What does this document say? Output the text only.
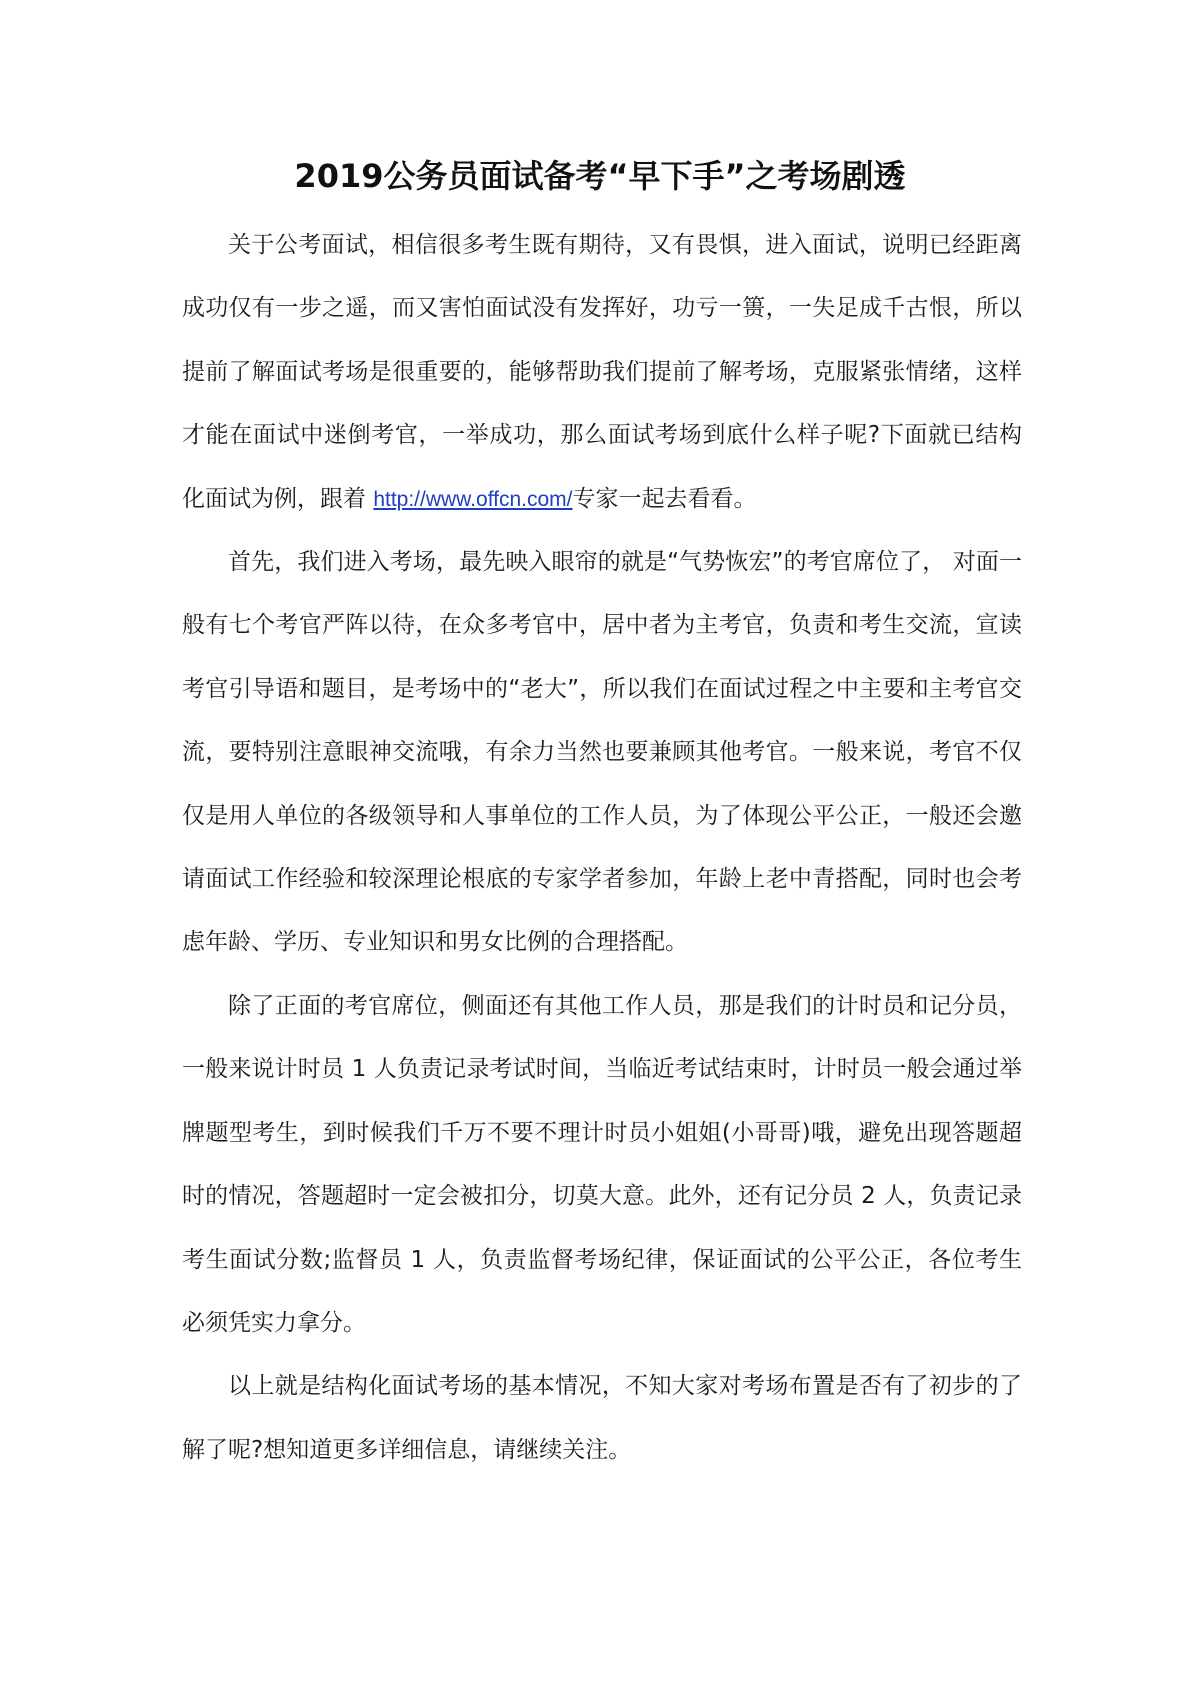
2019公务员面试备考“早下手”之考场剧透

关于公考面试，相信很多考生既有期待，又有畏惧，进入面试，说明已经距离成功仅有一步之遥，而又害怕面试没有发挥好，功亏一篑，一失足成千古恨，所以提前了解面试考场是很重要的，能够帮助我们提前了解考场，克服紧张情绪，这样才能在面试中迷倒考官，一举成功，那么面试考场到底什么样子呢?下面就已结构化面试为例，跟着 http://www.offcn.com/专家一起去看看。

首先，我们进入考场，最先映入眼帘的就是“气势恢宏”的考官席位了， 对面一般有七个考官严阵以待，在众多考官中，居中者为主考官，负责和考生交流，宣读考官引导语和题目，是考场中的“老大”，所以我们在面试过程之中主要和主考官交流，要特别注意眼神交流哦，有余力当然也要兼顾其他考官。一般来说，考官不仅仅是用人单位的各级领导和人事单位的工作人员，为了体现公平公正，一般还会邀请面试工作经验和较深理论根底的专家学者参加，年龄上老中青搭配，同时也会考虑年龄、学历、专业知识和男女比例的合理搭配。

除了正面的考官席位，侧面还有其他工作人员，那是我们的计时员和记分员，一般来说计时员 1 人负责记录考试时间，当临近考试结束时，计时员一般会通过举牌题型考生，到时候我们千万不要不理计时员小姐姐(小哥哥)哦，避免出现答题超时的情况，答题超时一定会被扣分，切莫大意。此外，还有记分员 2 人，负责记录考生面试分数;监督员 1 人，负责监督考场纪律，保证面试的公平公正，各位考生必须凭实力拿分。

以上就是结构化面试考场的基本情况，不知大家对考场布置是否有了初步的了解了呢?想知道更多详细信息，请继续关注。
